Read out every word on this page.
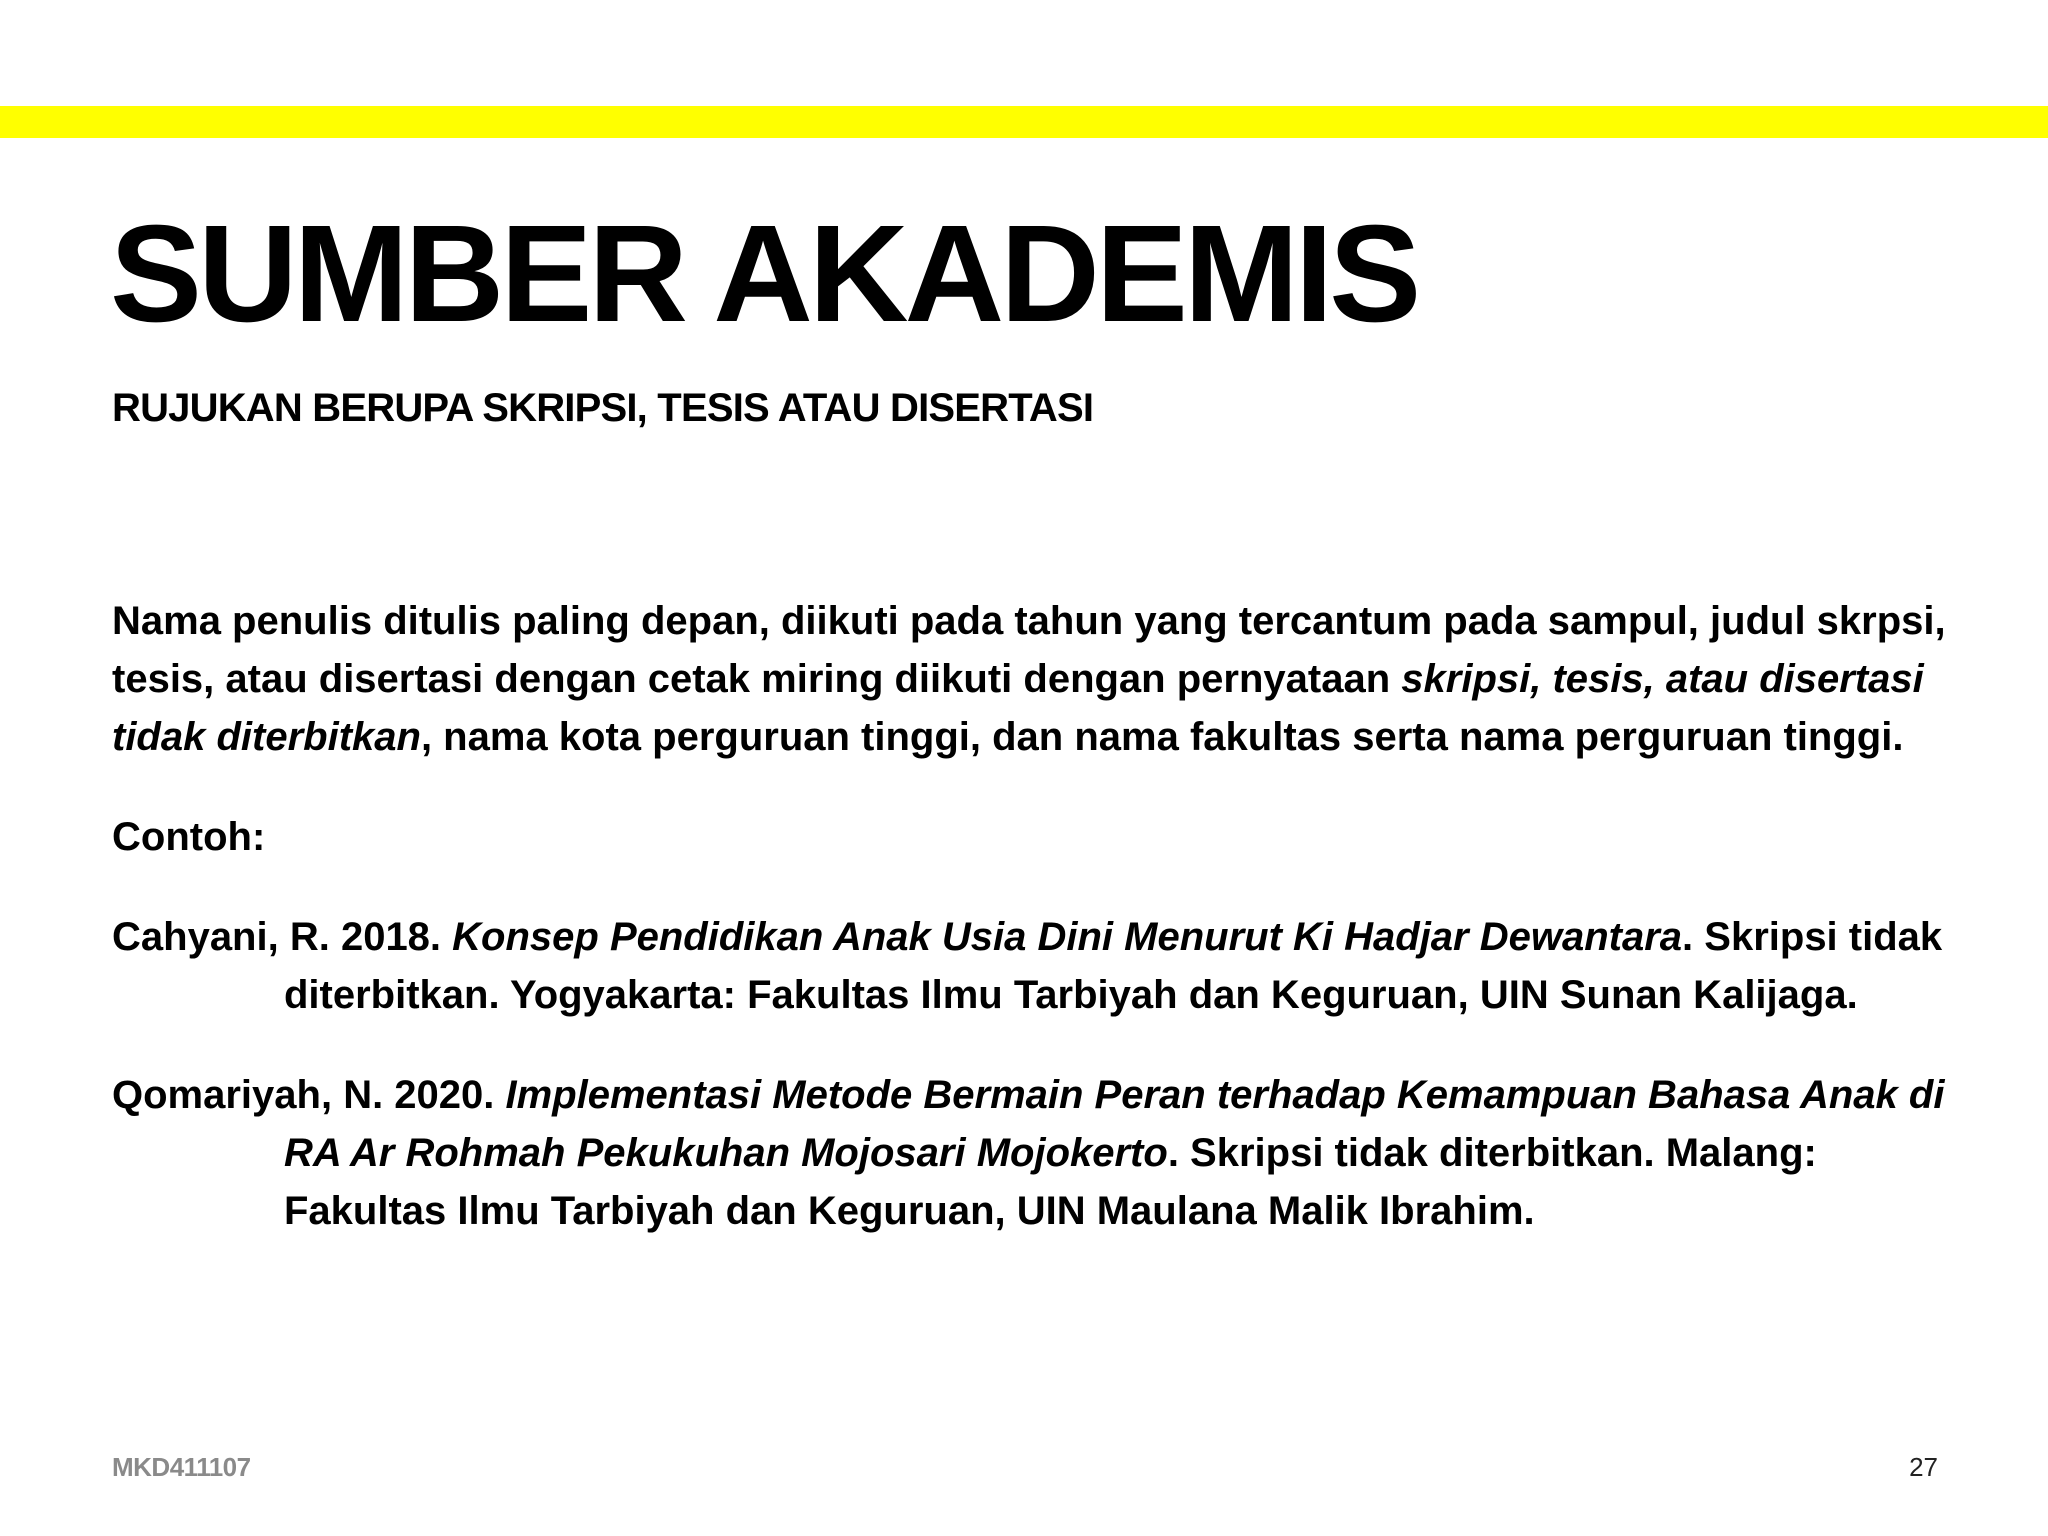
SUMBER AKADEMIS
RUJUKAN BERUPA SKRIPSI, TESIS ATAU DISERTASI

Nama penulis ditulis paling depan, diikuti pada tahun yang tercantum pada sampul, judul skrpsi, tesis, atau disertasi dengan cetak miring diikuti dengan pernyataan skripsi, tesis, atau disertasi tidak diterbitkan, nama kota perguruan tinggi, dan nama fakultas serta nama perguruan tinggi.

Contoh:

Cahyani, R. 2018. Konsep Pendidikan Anak Usia Dini Menurut Ki Hadjar Dewantara. Skripsi tidak diterbitkan. Yogyakarta: Fakultas Ilmu Tarbiyah dan Keguruan, UIN Sunan Kalijaga.

Qomariyah, N. 2020. Implementasi Metode Bermain Peran terhadap Kemampuan Bahasa Anak di RA Ar Rohmah Pekukuhan Mojosari Mojokerto. Skripsi tidak diterbitkan. Malang: Fakultas Ilmu Tarbiyah dan Keguruan, UIN Maulana Malik Ibrahim.

MKD411107	27
